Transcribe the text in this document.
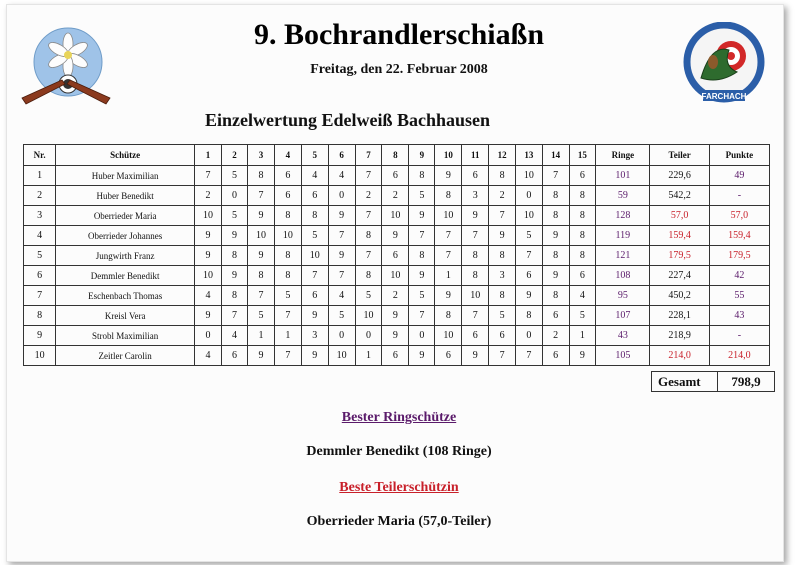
FARCHACH
9. Bochrandlerschiaßn
Freitag, den 22. Februar 2008
Einzelwertung Edelweiß Bachhausen
Nr.	Schütze	1	2	3	4	5	6	7	8	9	10	11	12	13	14	15	Ringe	Teiler	Punkte
1	Huber Maximilian	7	5	8	6	4	4	7	6	8	9	6	8	10	7	6	101	229,6	49
2	Huber Benedikt	2	0	7	6	6	0	2	2	5	8	3	2	0	8	8	59	542,2	-
3	Oberrieder Maria	10	5	9	8	8	9	7	10	9	10	9	7	10	8	8	128	57,0	57,0
4	Oberrieder Johannes	9	9	10	10	5	7	8	9	7	7	7	9	5	9	8	119	159,4	159,4
5	Jungwirth Franz	9	8	9	8	10	9	7	6	8	7	8	8	7	8	8	121	179,5	179,5
6	Demmler Benedikt	10	9	8	8	7	7	8	10	9	1	8	3	6	9	6	108	227,4	42
7	Eschenbach Thomas	4	8	7	5	6	4	5	2	5	9	10	8	9	8	4	95	450,2	55
8	Kreisl Vera	9	7	5	7	9	5	10	9	7	8	7	5	8	6	5	107	228,1	43
9	Strobl Maximilian	0	4	1	1	3	0	0	9	0	10	6	6	0	2	1	43	218,9	-
10	Zeitler Carolin	4	6	9	7	9	10	1	6	9	6	9	7	7	6	9	105	214,0	214,0
Gesamt	798,9
Bester Ringschütze
Demmler Benedikt (108 Ringe)
Beste Teilerschützin
Oberrieder Maria (57,0-Teiler)
